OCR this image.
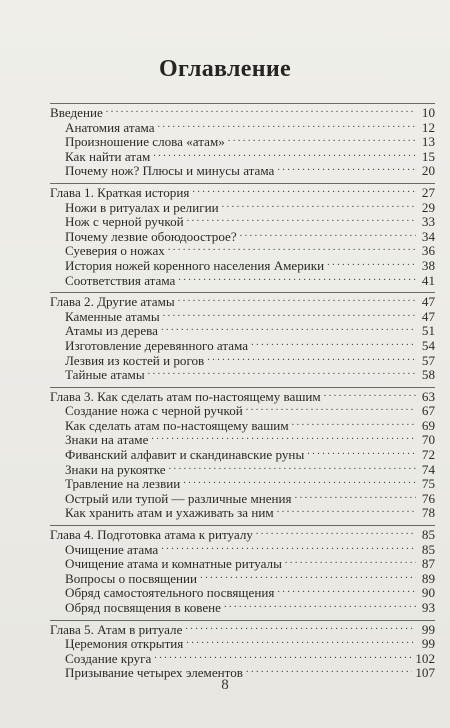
Оглавление
Введение . . .	10
Анатомия атама . . .	12
Произношение слова «атам» . . .	13
Как найти атам . . .	15
Почему нож? Плюсы и минусы атама . . .	20
Глава 1. Краткая история . . .	27
Ножи в ритуалах и религии . . .	29
Нож с черной ручкой . . .	33
Почему лезвие обоюдоострое? . . .	34
Суеверия о ножах . . .	36
История ножей коренного населения Америки . . .	38
Соответствия атама . . .	41
Глава 2. Другие атамы . . .	47
Каменные атамы . . .	47
Атамы из дерева . . .	51
Изготовление деревянного атама . . .	54
Лезвия из костей и рогов . . .	57
Тайные атамы . . .	58
Глава 3. Как сделать атам по-настоящему вашим . . .	63
Создание ножа с черной ручкой . . .	67
Как сделать атам по-настоящему вашим . . .	69
Знаки на атаме . . .	70
Фиванский алфавит и скандинавские руны . . .	72
Знаки на рукоятке . . .	74
Травление на лезвии . . .	75
Острый или тупой — различные мнения . . .	76
Как хранить атам и ухаживать за ним . . .	78
Глава 4. Подготовка атама к ритуалу . . .	85
Очищение атама . . .	85
Очищение атама и комнатные ритуалы . . .	87
Вопросы о посвящении . . .	89
Обряд самостоятельного посвящения . . .	90
Обряд посвящения в ковене . . .	93
Глава 5. Атам в ритуале . . .	99
Церемония открытия . . .	99
Создание круга . . .	102
Призывание четырех элементов . . .	107
8
